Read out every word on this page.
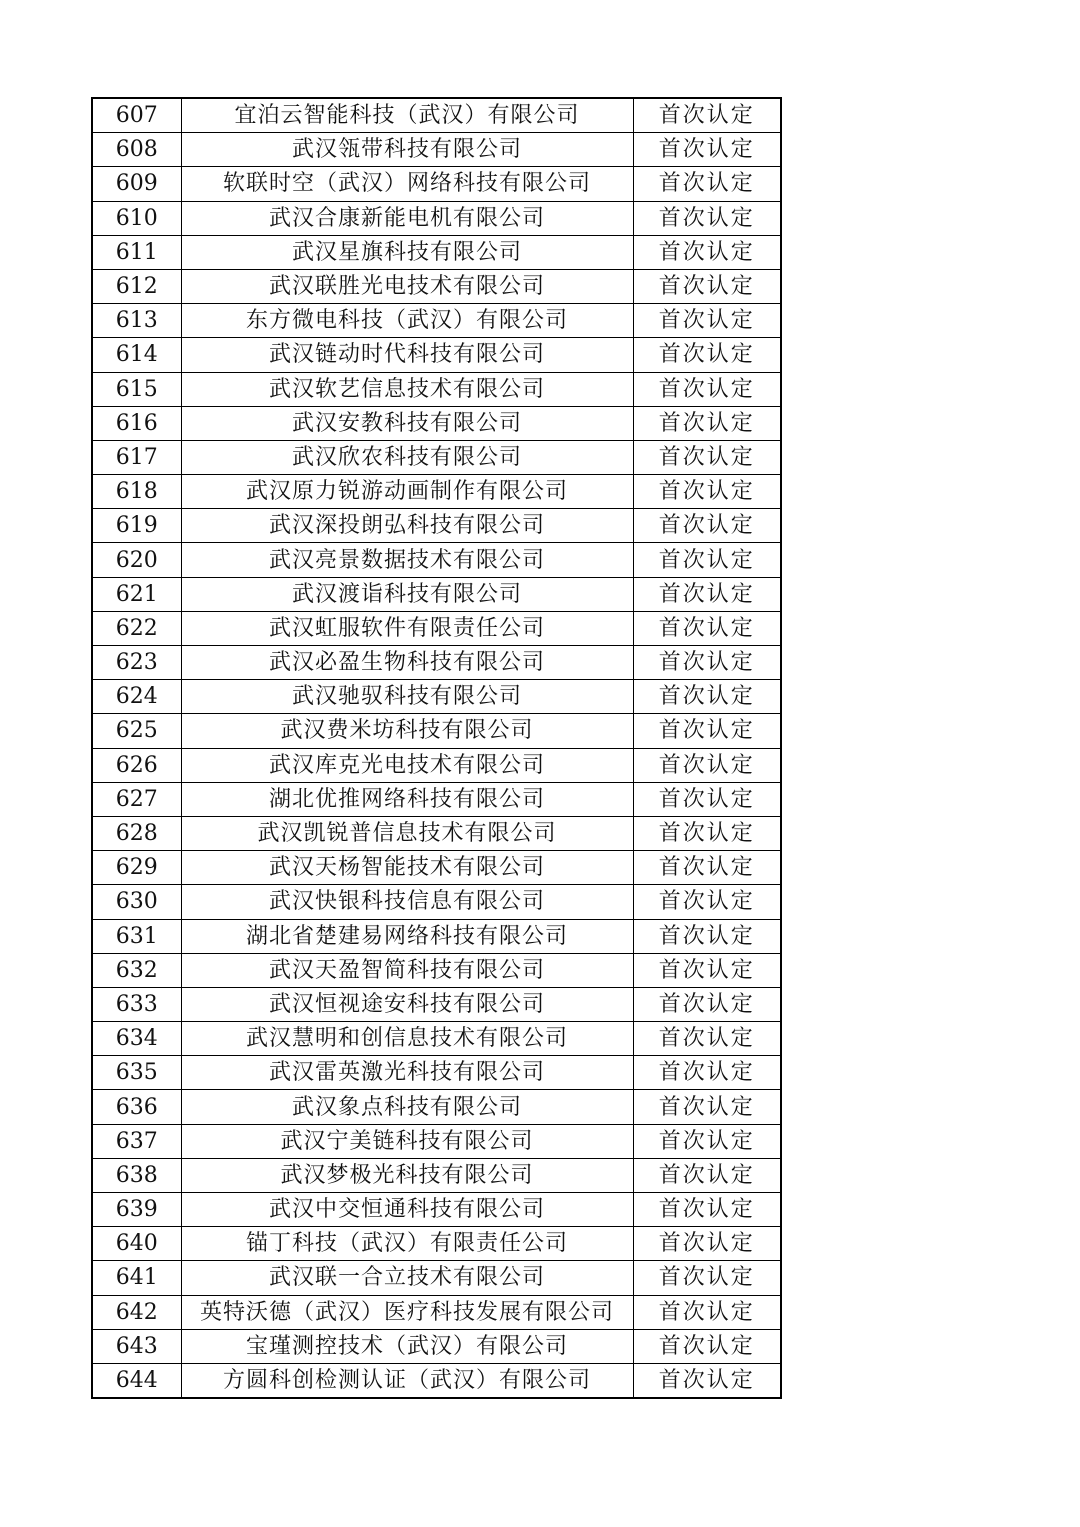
607	宜泊云智能科技（武汉）有限公司	首次认定
608	武汉瓴带科技有限公司	首次认定
609	软联时空（武汉）网络科技有限公司	首次认定
610	武汉合康新能电机有限公司	首次认定
611	武汉星旗科技有限公司	首次认定
612	武汉联胜光电技术有限公司	首次认定
613	东方微电科技（武汉）有限公司	首次认定
614	武汉链动时代科技有限公司	首次认定
615	武汉软艺信息技术有限公司	首次认定
616	武汉安教科技有限公司	首次认定
617	武汉欣农科技有限公司	首次认定
618	武汉原力锐游动画制作有限公司	首次认定
619	武汉深投朗弘科技有限公司	首次认定
620	武汉亮景数据技术有限公司	首次认定
621	武汉渡诣科技有限公司	首次认定
622	武汉虹服软件有限责任公司	首次认定
623	武汉必盈生物科技有限公司	首次认定
624	武汉驰驭科技有限公司	首次认定
625	武汉费米坊科技有限公司	首次认定
626	武汉库克光电技术有限公司	首次认定
627	湖北优推网络科技有限公司	首次认定
628	武汉凯锐普信息技术有限公司	首次认定
629	武汉天杨智能技术有限公司	首次认定
630	武汉快银科技信息有限公司	首次认定
631	湖北省楚建易网络科技有限公司	首次认定
632	武汉天盈智简科技有限公司	首次认定
633	武汉恒视途安科技有限公司	首次认定
634	武汉慧明和创信息技术有限公司	首次认定
635	武汉雷英激光科技有限公司	首次认定
636	武汉象点科技有限公司	首次认定
637	武汉宁美链科技有限公司	首次认定
638	武汉梦极光科技有限公司	首次认定
639	武汉中交恒通科技有限公司	首次认定
640	锚丁科技（武汉）有限责任公司	首次认定
641	武汉联一合立技术有限公司	首次认定
642	英特沃德（武汉）医疗科技发展有限公司	首次认定
643	宝瑾测控技术（武汉）有限公司	首次认定
644	方圆科创检测认证（武汉）有限公司	首次认定
